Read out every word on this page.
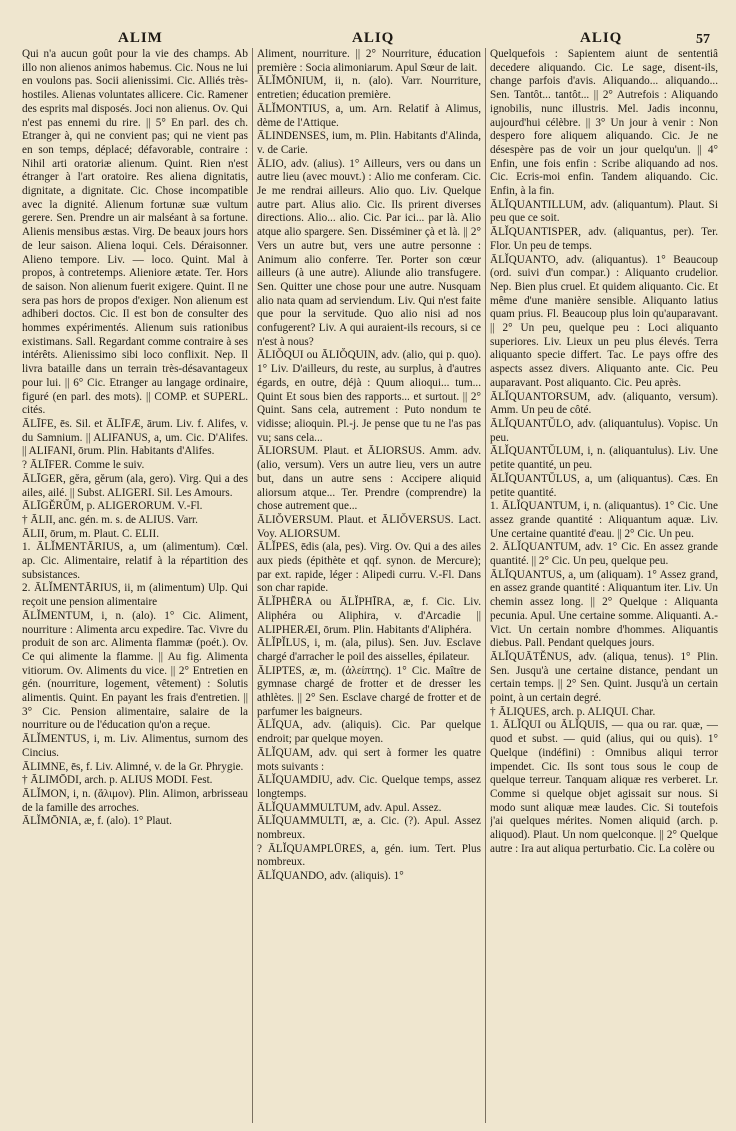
ALIM	ALIQ	ALIQ	57

Qui n'a aucun goût pour la vie des champs. Ab illo non alienos animos habemus. Cic. Nous ne lui en voulons pas. Socii alienissimi. Cic. Alliés très-hostiles. Alienas voluntates allicere. Cic. Ramener des esprits mal disposés. Joci non alienus. Ov. Qui n'est pas ennemi du rire. || 5° En parl. des ch. Etranger à, qui ne convient pas; qui ne vient pas en son temps, déplacé; défavorable, contraire : Nihil arti oratoriæ alienum. Quint. Rien n'est étranger à l'art oratoire. Res aliena dignitatis, dignitate, a dignitate. Cic. Chose incompatible avec la dignité. Alienum fortunæ suæ vultum gerere. Sen. Prendre un air malséant à sa fortune. Alienis mensibus æstas. Virg. De beaux jours hors de leur saison. Aliena loqui. Cels. Déraisonner. Alieno tempore. Liv. — loco. Quint. Mal à propos, à contretemps. Alieniore ætate. Ter. Hors de saison. Non alienum fuerit exigere. Quint. Il ne sera pas hors de propos d'exiger. Non alienum est adhiberi doctos. Cic. Il est bon de consulter des hommes expérimentés. Alienum suis rationibus existimans. Sall. Regardant comme contraire à ses intérêts. Alienissimo sibi loco conflixit. Nep. Il livra bataille dans un terrain très-désavantageux pour lui. || 6° Cic. Etranger au langage ordinaire, figuré (en parl. des mots). || COMP. et SUPERL. cités.

ĀLĪFE, ēs. Sil. et ĀLĪFÆ, ārum. Liv. f. Alifes, v. du Samnium. || ALIFANUS, a, um. Cic. D'Alifes. || ALIFANI, ōrum. Plin. Habitants d'Alifes.

? ĀLĪFER. Comme le suiv.

ĀLĪGER, gĕra, gĕrum (ala, gero). Virg. Qui a des ailes, ailé. || Subst. ALIGERI. Sil. Les Amours.

ĀLĪGĔRŬM, p. ALIGERORUM. V.-Fl.

† ĀLII, anc. gén. m. s. de ALIUS. Varr.

ĀLII, ōrum, m. Plaut. C. ELII.

1. ĀLĬMENTĀRIUS, a, um (alimentum). Cœl. ap. Cic. Alimentaire, relatif à la répartition des subsistances.

2. ĀLĬMENTĀRIUS, ii, m (alimentum) Ulp. Qui reçoit une pension alimentaire

ĀLĬMENTUM, i, n. (alo). 1° Cic. Aliment, nourriture : Alimenta arcu expedire. Tac. Vivre du produit de son arc. Alimenta flammæ (poét.). Ov. Ce qui alimente la flamme. || Au fig. Alimenta vitiorum. Ov. Aliments du vice. || 2° Entretien en gén. (nourriture, logement, vêtement) : Solutis alimentis. Quint. En payant les frais d'entretien. || 3° Cic. Pension alimentaire, salaire de la nourriture ou de l'éducation qu'on a reçue.

ĀLĬMENTUS, i, m. Liv. Alimentus, surnom des Cincius.

ĀLIMNE, ēs, f. Liv. Alimné, v. de la Gr. Phrygie.

† ĀLIMŌDI, arch. p. ALIUS MODI. Fest.

ĀLĬMON, i, n. (ἄλιμον). Plin. Alimon, arbrisseau de la famille des arroches.

ĀLĬMŌNIA, æ, f. (alo). 1° Plaut.

Aliment, nourriture. || 2° Nourriture, éducation première : Socia alimoniarum. Apul Sœur de lait.

ĀLĬMŌNIUM, ii, n. (alo). Varr. Nourriture, entretien; éducation première.

ĀLĬMONTIUS, a, um. Arn. Relatif à Alimus, dème de l'Attique.

ĀLINDENSES, ium, m. Plin. Habitants d'Alinda, v. de Carie.

ĀLIO, adv. (alius). 1° Ailleurs, vers ou dans un autre lieu (avec mouvt.) : Alio me conferam. Cic. Je me rendrai ailleurs. Alio quo. Liv. Quelque autre part. Alius alio. Cic. Ils prirent diverses directions. Alio... alio. Cic. Par ici... par là. Alio atque alio spargere. Sen. Disséminer çà et là. || 2° Vers un autre but, vers une autre personne : Animum alio conferre. Ter. Porter son cœur ailleurs (à une autre). Aliunde alio transfugere. Sen. Quitter une chose pour une autre. Nusquam alio nata quam ad serviendum. Liv. Qui n'est faite que pour la servitude. Quo alio nisi ad nos confugerent? Liv. A qui auraient-ils recours, si ce n'est à nous?

ĀLIŎQUI ou ĀLIŎQUIN, adv. (alio, qui p. quo). 1° Liv. D'ailleurs, du reste, au surplus, à d'autres égards, en outre, déjà : Quum alioqui... tum... Quint Et sous bien des rapports... et surtout. || 2° Quint. Sans cela, autrement : Puto nondum te vidisse; alioquin. Pl.-j. Je pense que tu ne l'as pas vu; sans cela...

ĀLIORSUM. Plaut. et ĀLIORSUS. Amm. adv. (alio, versum). Vers un autre lieu, vers un autre but, dans un autre sens : Accipere aliquid aliorsum atque... Ter. Prendre (comprendre) la chose autrement que...

ĀLIŎVERSUM. Plaut. et ĀLIŎVERSUS. Lact. Voy. ALIORSUM.

ĀLĬPES, ēdis (ala, pes). Virg. Ov. Qui a des ailes aux pieds (épithète et qqf. synon. de Mercure); par ext. rapide, léger : Alipedi curru. V.-Fl. Dans son char rapide.

ĀLĬPHĒRA ou ĀLĬPHĪRA, æ, f. Cic. Liv. Aliphéra ou Aliphira, v. d'Arcadie || ALIPHERÆI, ōrum. Plin. Habitants d'Aliphéra.

ĀLĬPĬLUS, i, m. (ala, pilus). Sen. Juv. Esclave chargé d'arracher le poil des aisselles, épilateur.

ĀLIPTES, æ, m. (ἀλείπτης). 1° Cic. Maître de gymnase chargé de frotter et de dresser les athlètes. || 2° Sen. Esclave chargé de frotter et de parfumer les baigneurs.

ĀLĬQUA, adv. (aliquis). Cic. Par quelque endroit; par quelque moyen.

ĀLĬQUAM, adv. qui sert à former les quatre mots suivants :

ĀLĬQUAMDIU, adv. Cic. Quelque temps, assez longtemps.

ĀLĬQUAMMULTUM, adv. Apul. Assez.

ĀLĬQUAMMULTI, æ, a. Cic. (?). Apul. Assez nombreux.

? ĀLĬQUAMPLŪRES, a, gén. ium. Tert. Plus nombreux.

ĀLĬQUANDO, adv. (aliquis). 1°

Quelquefois : Sapientem aiunt de sententiâ decedere aliquando. Cic. Le sage, disent-ils, change parfois d'avis. Aliquando... aliquando... Sen. Tantôt... tantôt... || 2° Autrefois : Aliquando ignobilis, nunc illustris. Mel. Jadis inconnu, aujourd'hui célèbre. || 3° Un jour à venir : Non despero fore aliquem aliquando. Cic. Je ne désespère pas de voir un jour quelqu'un. || 4° Enfin, une fois enfin : Scribe aliquando ad nos. Cic. Ecris-moi enfin. Tandem aliquando. Cic. Enfin, à la fin.

ĀLĬQUANTILLUM, adv. (aliquantum). Plaut. Si peu que ce soit.

ĀLĬQUANTISPER, adv. (aliquantus, per). Ter. Flor. Un peu de temps.

ĀLĬQUANTO, adv. (aliquantus). 1° Beaucoup (ord. suivi d'un compar.) : Aliquanto crudelior. Nep. Bien plus cruel. Et quidem aliquanto. Cic. Et même d'une manière sensible. Aliquanto latius quam prius. Fl. Beaucoup plus loin qu'auparavant. || 2° Un peu, quelque peu : Loci aliquanto superiores. Liv. Lieux un peu plus élevés. Terra aliquanto specie differt. Tac. Le pays offre des aspects assez divers. Aliquanto ante. Cic. Peu auparavant. Post aliquanto. Cic. Peu après.

ĀLĬQUANTORSUM, adv. (aliquanto, versum). Amm. Un peu de côté.

ĀLĬQUANTŬLO, adv. (aliquantulus). Vopisc. Un peu.

ĀLĬQUANTŬLUM, i, n. (aliquantulus). Liv. Une petite quantité, un peu.

ĀLĬQUANTŬLUS, a, um (aliquantus). Cæs. En petite quantité.

1. ĀLĬQUANTUM, i, n. (aliquantus). 1° Cic. Une assez grande quantité : Aliquantum aquæ. Liv. Une certaine quantité d'eau. || 2° Cic. Un peu.

2. ĀLĬQUANTUM, adv. 1° Cic. En assez grande quantité. || 2° Cic. Un peu, quelque peu.

ĀLĬQUANTUS, a, um (aliquam). 1° Assez grand, en assez grande quantité : Aliquantum iter. Liv. Un chemin assez long. || 2° Quelque : Aliquanta pecunia. Apul. Une certaine somme. Aliquanti. A.-Vict. Un certain nombre d'hommes. Aliquantis diebus. Pall. Pendant quelques jours.

ĀLĬQUĀTĔNUS, adv. (aliqua, tenus). 1° Plin. Sen. Jusqu'à une certaine distance, pendant un certain temps. || 2° Sen. Quint. Jusqu'à un certain point, à un certain degré.

† ĀLIQUES, arch. p. ALIQUI. Char.

1. ĀLĬQUI ou ĀLĬQUIS, — qua ou rar. quæ, — quod et subst. — quid (alius, qui ou quis). 1° Quelque (indéfini) : Omnibus aliqui terror impendet. Cic. Ils sont tous sous le coup de quelque terreur. Tanquam aliquæ res verberet. Lr. Comme si quelque objet agissait sur nous. Si modo sunt aliquæ meæ laudes. Cic. Si toutefois j'ai quelques mérites. Nomen aliquid (arch. p. aliquod). Plaut. Un nom quelconque. || 2° Quelque autre : Ira aut aliqua perturbatio. Cic. La colère ou
